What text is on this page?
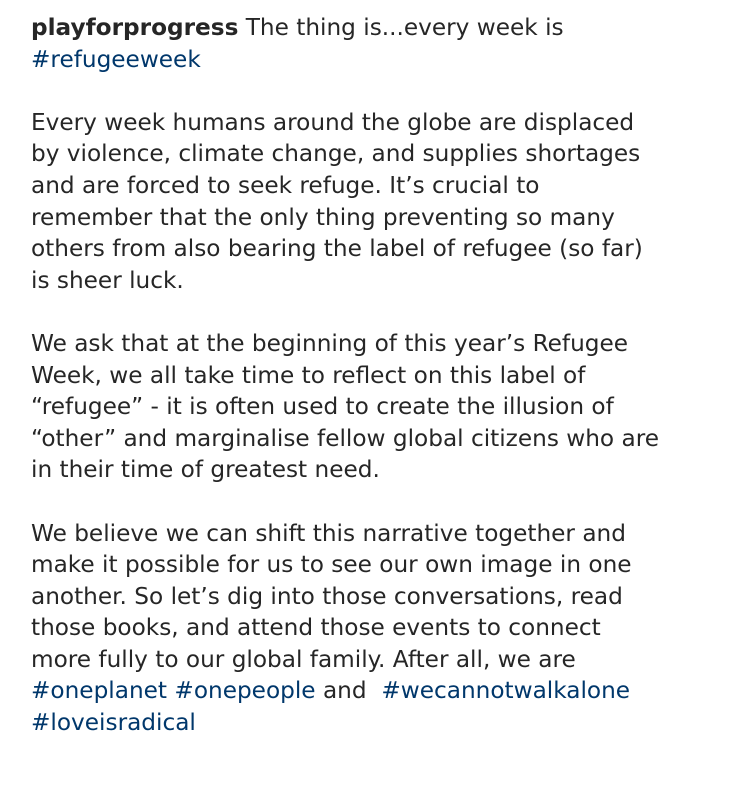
playforprogress The thing is...every week is
#refugeeweek
Every week humans around the globe are displaced
by violence, climate change, and supplies shortages
and are forced to seek refuge. It’s crucial to
remember that the only thing preventing so many
others from also bearing the label of refugee (so far)
is sheer luck.
We ask that at the beginning of this year’s Refugee
Week, we all take time to reflect on this label of
“refugee” - it is often used to create the illusion of
“other” and marginalise fellow global citizens who are
in their time of greatest need.
We believe we can shift this narrative together and
make it possible for us to see our own image in one
another. So let’s dig into those conversations, read
those books, and attend those events to connect
more fully to our global family. After all, we are
#oneplanet #onepeople and  #wecannotwalkalone
#loveisradical
